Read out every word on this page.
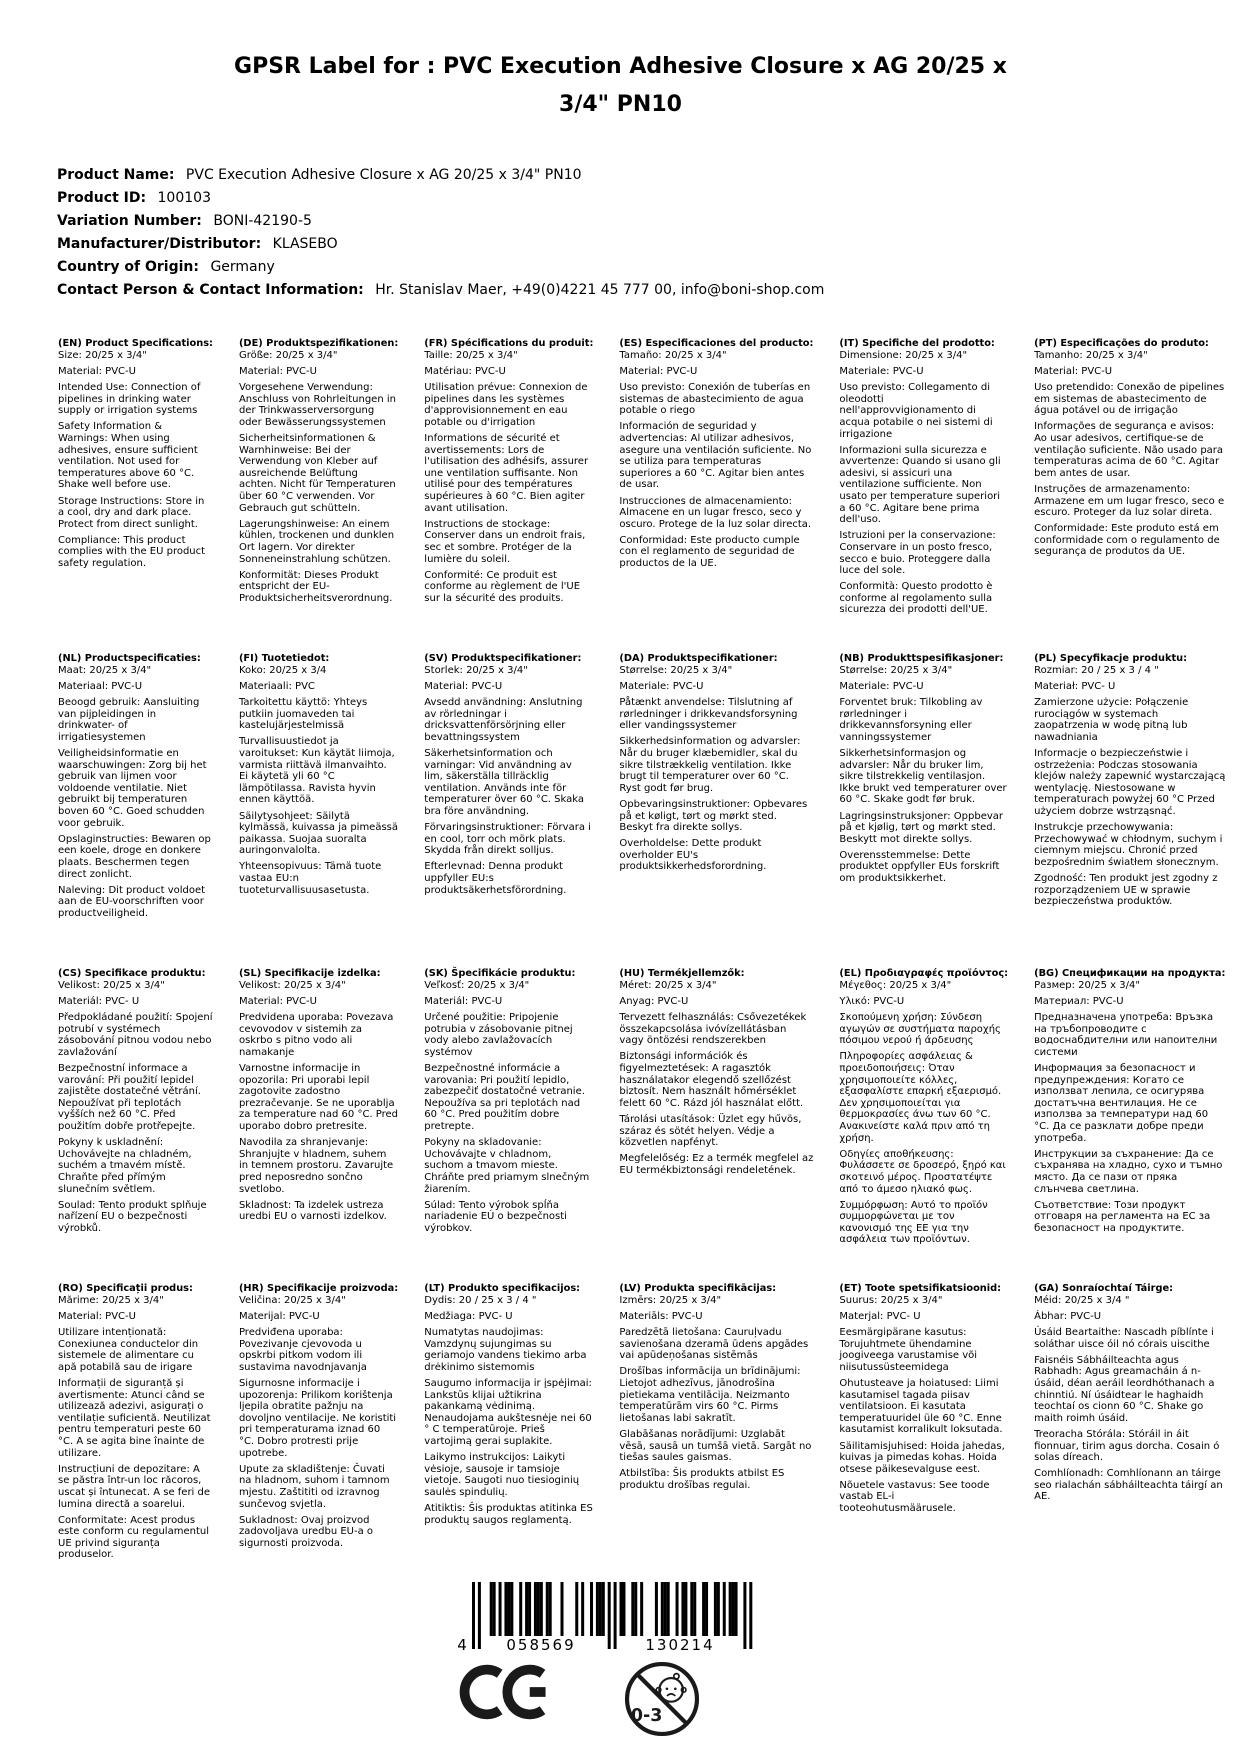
GPSR Label for : PVC Execution Adhesive Closure x AG 20/25 x 3/4" PN10
Product Name: PVC Execution Adhesive Closure x AG 20/25 x 3/4" PN10
Product ID: 100103
Variation Number: BONI-42190-5
Manufacturer/Distributor: KLASEBO
Country of Origin: Germany
Contact Person & Contact Information: Hr. Stanislav Maer, +49(0)4221 45 777 00, info@boni-shop.com
(EN) Product Specifications:

Size: 20/25 x 3/4"

Material: PVC-U

Intended Use: Connection of pipelines in drinking water supply or irrigation systems

Safety Information & Warnings: When using adhesives, ensure sufficient ventilation. Not used for temperatures above 60 °C. Shake well before use.

Storage Instructions: Store in a cool, dry and dark place. Protect from direct sunlight.

Compliance: This product complies with the EU product safety regulation.

(DE) Produktspezifikationen:

Größe: 20/25 x 3/4"

Material: PVC-U

Vorgesehene Verwendung: Anschluss von Rohrleitungen in der Trinkwasserversorgung oder Bewässerungssystemen

Sicherheitsinformationen & Warnhinweise: Bei der Verwendung von Kleber auf ausreichende Belüftung achten. Nicht für Temperaturen über 60 °C verwenden. Vor Gebrauch gut schütteln.

Lagerungshinweise: An einem kühlen, trockenen und dunklen Ort lagern. Vor direkter Sonneneinstrahlung schützen.

Konformität: Dieses Produkt entspricht der EU-Produktsicherheitsverordnung.

(FR) Spécifications du produit:

Taille: 20/25 x 3/4"

Matériau: PVC-U

Utilisation prévue: Connexion de pipelines dans les systèmes d'approvisionnement en eau potable ou d'irrigation

Informations de sécurité et avertissements: Lors de l'utilisation des adhésifs, assurer une ventilation suffisante. Non utilisé pour des températures supérieures à 60 °C. Bien agiter avant utilisation.

Instructions de stockage: Conserver dans un endroit frais, sec et sombre. Protéger de la lumière du soleil.

Conformité: Ce produit est conforme au règlement de l'UE sur la sécurité des produits.

(ES) Especificaciones del producto:

Tamaño: 20/25 x 3/4"

Material: PVC-U

Uso previsto: Conexión de tuberías en sistemas de abastecimiento de agua potable o riego

Información de seguridad y advertencias: Al utilizar adhesivos, asegure una ventilación suficiente. No se utiliza para temperaturas superiores a 60 °C. Agitar bien antes de usar.

Instrucciones de almacenamiento: Almacene en un lugar fresco, seco y oscuro. Protege de la luz solar directa.

Conformidad: Este producto cumple con el reglamento de seguridad de productos de la UE.

(IT) Specifiche del prodotto:

Dimensione: 20/25 x 3/4"

Materiale: PVC-U

Uso previsto: Collegamento di oleodotti nell'approvvigionamento di acqua potabile o nei sistemi di irrigazione

Informazioni sulla sicurezza e avvertenze: Quando si usano gli adesivi, si assicuri una ventilazione sufficiente. Non usato per temperature superiori a 60 °C. Agitare bene prima dell'uso.

Istruzioni per la conservazione: Conservare in un posto fresco, secco e buio. Proteggere dalla luce del sole.

Conformità: Questo prodotto è conforme al regolamento sulla sicurezza dei prodotti dell'UE.

(PT) Especificações do produto:

Tamanho: 20/25 x 3/4"

Material: PVC-U

Uso pretendido: Conexão de pipelines em sistemas de abastecimento de água potável ou de irrigação

Informações de segurança e avisos: Ao usar adesivos, certifique-se de ventilação suficiente. Não usado para temperaturas acima de 60 °C. Agitar bem antes de usar.

Instruções de armazenamento: Armazene em um lugar fresco, seco e escuro. Proteger da luz solar direta.

Conformidade: Este produto está em conformidade com o regulamento de segurança de produtos da UE.

(NL) Productspecificaties:

Maat: 20/25 x 3/4"

Materiaal: PVC-U

Beoogd gebruik: Aansluiting van pijpleidingen in drinkwater- of irrigatiesystemen

Veiligheidsinformatie en waarschuwingen: Zorg bij het gebruik van lijmen voor voldoende ventilatie. Niet gebruikt bij temperaturen boven 60 °C. Goed schudden voor gebruik.

Opslaginstructies: Bewaren op een koele, droge en donkere plaats. Beschermen tegen direct zonlicht.

Naleving: Dit product voldoet aan de EU-voorschriften voor productveiligheid.

(FI) Tuotetiedot:

Koko: 20/25 x 3/4

Materiaali: PVC

Tarkoitettu käyttö: Yhteys putkiin juomaveden tai kastelujärjestelmissä

Turvallisuustiedot ja varoitukset: Kun käytät liimoja, varmista riittävä ilmanvaihto. Ei käytetä yli 60 °C lämpötilassa. Ravista hyvin ennen käyttöä.

Säilytysohjeet: Säilytä kylmässä, kuivassa ja pimeässä paikassa. Suojaa suoralta auringonvalolta.

Yhteensopivuus: Tämä tuote vastaa EU:n tuoteturvallisuusasetusta.

(SV) Produktspecifikationer:

Storlek: 20/25 x 3/4"

Material: PVC-U

Avsedd användning: Anslutning av rörledningar i dricksvattenförsörjning eller bevattningssystem

Säkerhetsinformation och varningar: Vid användning av lim, säkerställa tillräcklig ventilation. Används inte för temperaturer över 60 °C. Skaka bra före användning.

Förvaringsinstruktioner: Förvara i en cool, torr och mörk plats. Skydda från direkt solljus.

Efterlevnad: Denna produkt uppfyller EU:s produktsäkerhetsförordning.

(DA) Produktspecifikationer:

Størrelse: 20/25 x 3/4"

Materiale: PVC-U

Påtænkt anvendelse: Tilslutning af rørledninger i drikkevandsforsyning eller vandingssystemer

Sikkerhedsinformation og advarsler: Når du bruger klæbemidler, skal du sikre tilstrækkelig ventilation. Ikke brugt til temperaturer over 60 °C. Ryst godt før brug.

Opbevaringsinstruktioner: Opbevares på et køligt, tørt og mørkt sted. Beskyt fra direkte sollys.

Overholdelse: Dette produkt overholder EU's produktsikkerhedsforordning.

(NB) Produkttspesifikasjoner:

Størrelse: 20/25 x 3/4"

Materiale: PVC-U

Forventet bruk: Tilkobling av rørledninger i drikkevannsforsyning eller vanningssystemer

Sikkerhetsinformasjon og advarsler: Når du bruker lim, sikre tilstrekkelig ventilasjon. Ikke brukt ved temperaturer over 60 °C. Skake godt før bruk.

Lagringsinstruksjoner: Oppbevar på et kjølig, tørt og mørkt sted. Beskytt mot direkte sollys.

Overensstemmelse: Dette produktet oppfyller EUs forskrift om produktsikkerhet.

(PL) Specyfikacje produktu:

Rozmiar: 20 / 25 x 3 / 4 "

Materiał: PVC- U

Zamierzone użycie: Połączenie rurociągów w systemach zaopatrzenia w wodę pitną lub nawadniania

Informacje o bezpieczeństwie i ostrzeżenia: Podczas stosowania klejów należy zapewnić wystarczającą wentylację. Niestosowane w temperaturach powyżej 60 °C Przed użyciem dobrze wstrząsnąć.

Instrukcje przechowywania: Przechowywać w chłodnym, suchym i ciemnym miejscu. Chronić przed bezpośrednim światłem słonecznym.

Zgodność: Ten produkt jest zgodny z rozporządzeniem UE w sprawie bezpieczeństwa produktów.

(CS) Specifikace produktu:

Velikost: 20/25 x 3/4"

Materiál: PVC- U

Předpokládané použití: Spojení potrubí v systémech zásobování pitnou vodou nebo zavlažování

Bezpečnostní informace a varování: Při použití lepidel zajistěte dostatečné větrání. Nepoužívat při teplotách vyšších než 60 °C. Před použitím dobře protřepejte.

Pokyny k uskladnění: Uchovávejte na chladném, suchém a tmavém místě. Chraňte před přímým slunečním světlem.

Soulad: Tento produkt splňuje nařízení EU o bezpečnosti výrobků.

(SL) Specifikacije izdelka:

Velikost: 20/25 x 3/4"

Material: PVC-U

Predvidena uporaba: Povezava cevovodov v sistemih za oskrbo s pitno vodo ali namakanje

Varnostne informacije in opozorila: Pri uporabi lepil zagotovite zadostno prezračevanje. Se ne uporablja za temperature nad 60 °C. Pred uporabo dobro pretresite.

Navodila za shranjevanje: Shranjujte v hladnem, suhem in temnem prostoru. Zavarujte pred neposredno sončno svetlobo.

Skladnost: Ta izdelek ustreza uredbi EU o varnosti izdelkov.

(SK) Špecifikácie produktu:

Veľkosť: 20/25 x 3/4"

Materiál: PVC-U

Určené použitie: Pripojenie potrubia v zásobovanie pitnej vody alebo zavlažovacích systémov

Bezpečnostné informácie a varovania: Pri použití lepidlo, zabezpečiť dostatočné vetranie. Nepoužíva sa pri teplotách nad 60 °C. Pred použitím dobre pretrepte.

Pokyny na skladovanie: Uchovávajte v chladnom, suchom a tmavom mieste. Chráňte pred priamym slnečným žiarením.

Súlad: Tento výrobok spĺňa nariadenie EÚ o bezpečnosti výrobkov.

(HU) Termékjellemzők:

Méret: 20/25 x 3/4"

Anyag: PVC-U

Tervezett felhasználás: Csővezetékek összekapcsolása ivóvízellátásban vagy öntözési rendszerekben

Biztonsági információk és figyelmeztetések: A ragasztók használatakor elegendő szellőzést biztosít. Nem használt hőmérséklet felett 60 °C. Rázd jól használat előtt.

Tárolási utasítások: Üzlet egy hűvös, száraz és sötét helyen. Védje a közvetlen napfényt.

Megfelelőség: Ez a termék megfelel az EU termékbiztonsági rendeletének.

(EL) Προδιαγραφές προϊόντος:

Μέγεθος: 20/25 x 3/4"

Υλικό: PVC-U

Σκοπούμενη χρήση: Σύνδεση αγωγών σε συστήματα παροχής πόσιμου νερού ή άρδευσης

Πληροφορίες ασφάλειας & προειδοποιήσεις: Όταν χρησιμοποιείτε κόλλες, εξασφαλίστε επαρκή εξαερισμό. Δεν χρησιμοποιείται για θερμοκρασίες άνω των 60 °C. Ανακινείστε καλά πριν από τη χρήση.

Οδηγίες αποθήκευσης: Φυλάσσετε σε δροσερό, ξηρό και σκοτεινό μέρος. Προστατέψτε από το άμεσο ηλιακό φως.

Συμμόρφωση: Αυτό το προϊόν συμμορφώνεται με τον κανονισμό της ΕΕ για την ασφάλεια των προϊόντων.

(BG) Спецификации на продукта:

Размер: 20/25 x 3/4"

Материал: PVC-U

Предназначена употреба: Връзка на тръбопроводите с водоснабдителни или напоителни системи

Информация за безопасност и предупреждения: Когато се използват лепила, се осигурява достатъчна вентилация. Не се използва за температури над 60 °C. Да се разклати добре преди употреба.

Инструкции за съхранение: Да се съхранява на хладно, сухо и тъмно място. Да се пази от пряка слънчева светлина.

Съответствие: Този продукт отговаря на регламента на ЕС за безопасност на продуктите.

(RO) Specificații produs:

Mărime: 20/25 x 3/4"

Material: PVC-U

Utilizare intenționată: Conexiunea conductelor din sistemele de alimentare cu apă potabilă sau de irigare

Informații de siguranță și avertismente: Atunci când se utilizează adezivi, asigurați o ventilație suficientă. Neutilizat pentru temperaturi peste 60 °C. A se agita bine înainte de utilizare.

Instrucțiuni de depozitare: A se păstra într-un loc răcoros, uscat și întunecat. A se feri de lumina directă a soarelui.

Conformitate: Acest produs este conform cu regulamentul UE privind siguranța produselor.

(HR) Specifikacije proizvoda:

Veličina: 20/25 x 3/4"

Materijal: PVC-U

Predviđena uporaba: Povezivanje cjevovoda u opskrbi pitkom vodom ili sustavima navodnjavanja

Sigurnosne informacije i upozorenja: Prilikom korištenja ljepila obratite pažnju na dovoljno ventilacije. Ne koristiti pri temperaturama iznad 60 °C. Dobro protresti prije upotrebe.

Upute za skladištenje: Čuvati na hladnom, suhom i tamnom mjestu. Zaštititi od izravnog sunčevog svjetla.

Sukladnost: Ovaj proizvod zadovoljava uredbu EU-a o sigurnosti proizvoda.

(LT) Produkto specifikacijos:

Dydis: 20 / 25 x 3 / 4 "

Medžiaga: PVC- U

Numatytas naudojimas: Vamzdynų sujungimas su geriamojo vandens tiekimo arba drėkinimo sistemomis

Saugumo informacija ir įspėjimai: Lankstūs klijai užtikrina pakankamą vėdinimą. Nenaudojama aukštesnėje nei 60 ° C temperatūroje. Prieš vartojimą gerai suplakite.

Laikymo instrukcijos: Laikyti vėsioje, sausoje ir tamsioje vietoje. Saugoti nuo tiesioginių saulės spindulių.

Atitiktis: Šis produktas atitinka ES produktų saugos reglamentą.

(LV) Produkta specifikācijas:

Izmērs: 20/25 x 3/4"

Materiāls: PVC-U

Paredzētā lietošana: Cauruļvadu savienošana dzeramā ūdens apgādes vai apūdeņošanas sistēmās

Drošības informācija un brīdinājumi: Lietojot adhezīvus, jānodrošina pietiekama ventilācija. Neizmanto temperatūrām virs 60 °C. Pirms lietošanas labi sakratīt.

Glabāšanas norādījumi: Uzglabāt vēsā, sausā un tumšā vietā. Sargāt no tiešas saules gaismas.

Atbilstība: Šis produkts atbilst ES produktu drošības regulai.

(ET) Toote spetsifikatsioonid:

Suurus: 20/25 x 3/4"

Materjal: PVC- U

Eesmärgipärane kasutus: Torujuhtmete ühendamine joogiveega varustamise või niisutussüsteemidega

Ohutusteave ja hoiatused: Liimi kasutamisel tagada piisav ventilatsioon. Ei kasutata temperatuuridel üle 60 °C. Enne kasutamist korralikult loksutada.

Säilitamisjuhised: Hoida jahedas, kuivas ja pimedas kohas. Hoida otsese päikesevalguse eest.

Nõuetele vastavus: See toode vastab EL-i tooteohutusmäärusele.

(GA) Sonraíochtaí Táirge:

Méid: 20/25 x 3/4 "

Ábhar: PVC-U

Úsáid Beartaithe: Nascadh píblínte i soláthar uisce óil nó córais uiscithe

Faisnéis Sábháilteachta agus Rabhadh: Agus greamacháin á n-úsáid, déan aeráil leordhóthanach a chinntiú. Ní úsáidtear le haghaidh teochtaí os cionn 60 °C. Shake go maith roimh úsáid.

Treoracha Stórála: Stóráil in áit fionnuar, tirim agus dorcha. Cosain ó solas díreach.

Comhlíonadh: Comhlíonann an táirge seo rialachán sábháilteachta táirgí an AE.

4	058569	130214
0-3
